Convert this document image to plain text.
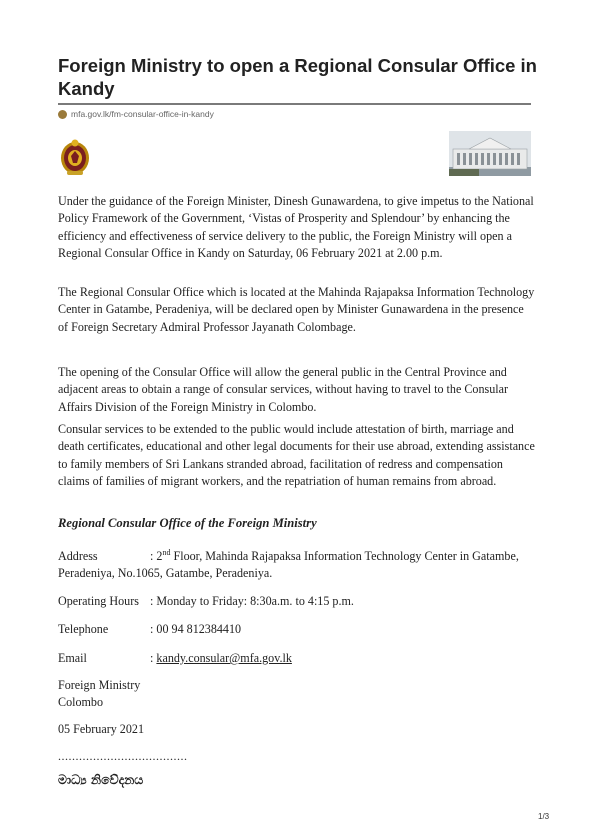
Foreign Ministry to open a Regional Consular Office in Kandy
mfa.gov.lk/fm-consular-office-in-kandy

Under the guidance of the Foreign Minister, Dinesh Gunawardena, to give impetus to the National Policy Framework of the Government, ‘Vistas of Prosperity and Splendour’ by enhancing the efficiency and effectiveness of service delivery to the public, the Foreign Ministry will open a Regional Consular Office in Kandy on Saturday, 06 February 2021 at 2.00 p.m.

The Regional Consular Office which is located at the Mahinda Rajapaksa Information Technology Center in Gatambe, Peradeniya, will be declared open by Minister Gunawardena in the presence of Foreign Secretary Admiral Professor Jayanath Colombage.

The opening of the Consular Office will allow the general public in the Central Province and adjacent areas to obtain a range of consular services, without having to travel to the Consular Affairs Division of the Foreign Ministry in Colombo.

Consular services to be extended to the public would include attestation of birth, marriage and death certificates, educational and other legal documents for their use abroad, extending assistance to family members of Sri Lankans stranded abroad, facilitation of redress and compensation claims of families of migrant workers, and the repatriation of human remains from abroad.

Regional Consular Office of the Foreign Ministry
Address	: 2nd Floor, Mahinda Rajapaksa Information Technology Center in Gatambe, Peradeniya, No.1065, Gatambe, Peradeniya.
Operating Hours : Monday to Friday: 8:30a.m. to 4:15 p.m.
Telephone	: 00 94 812384410
Email	: kandy.consular@mfa.gov.lk
Foreign Ministry
Colombo
05 February 2021
.....................................
මාධ්‍ය නිවේදනය
1/3
